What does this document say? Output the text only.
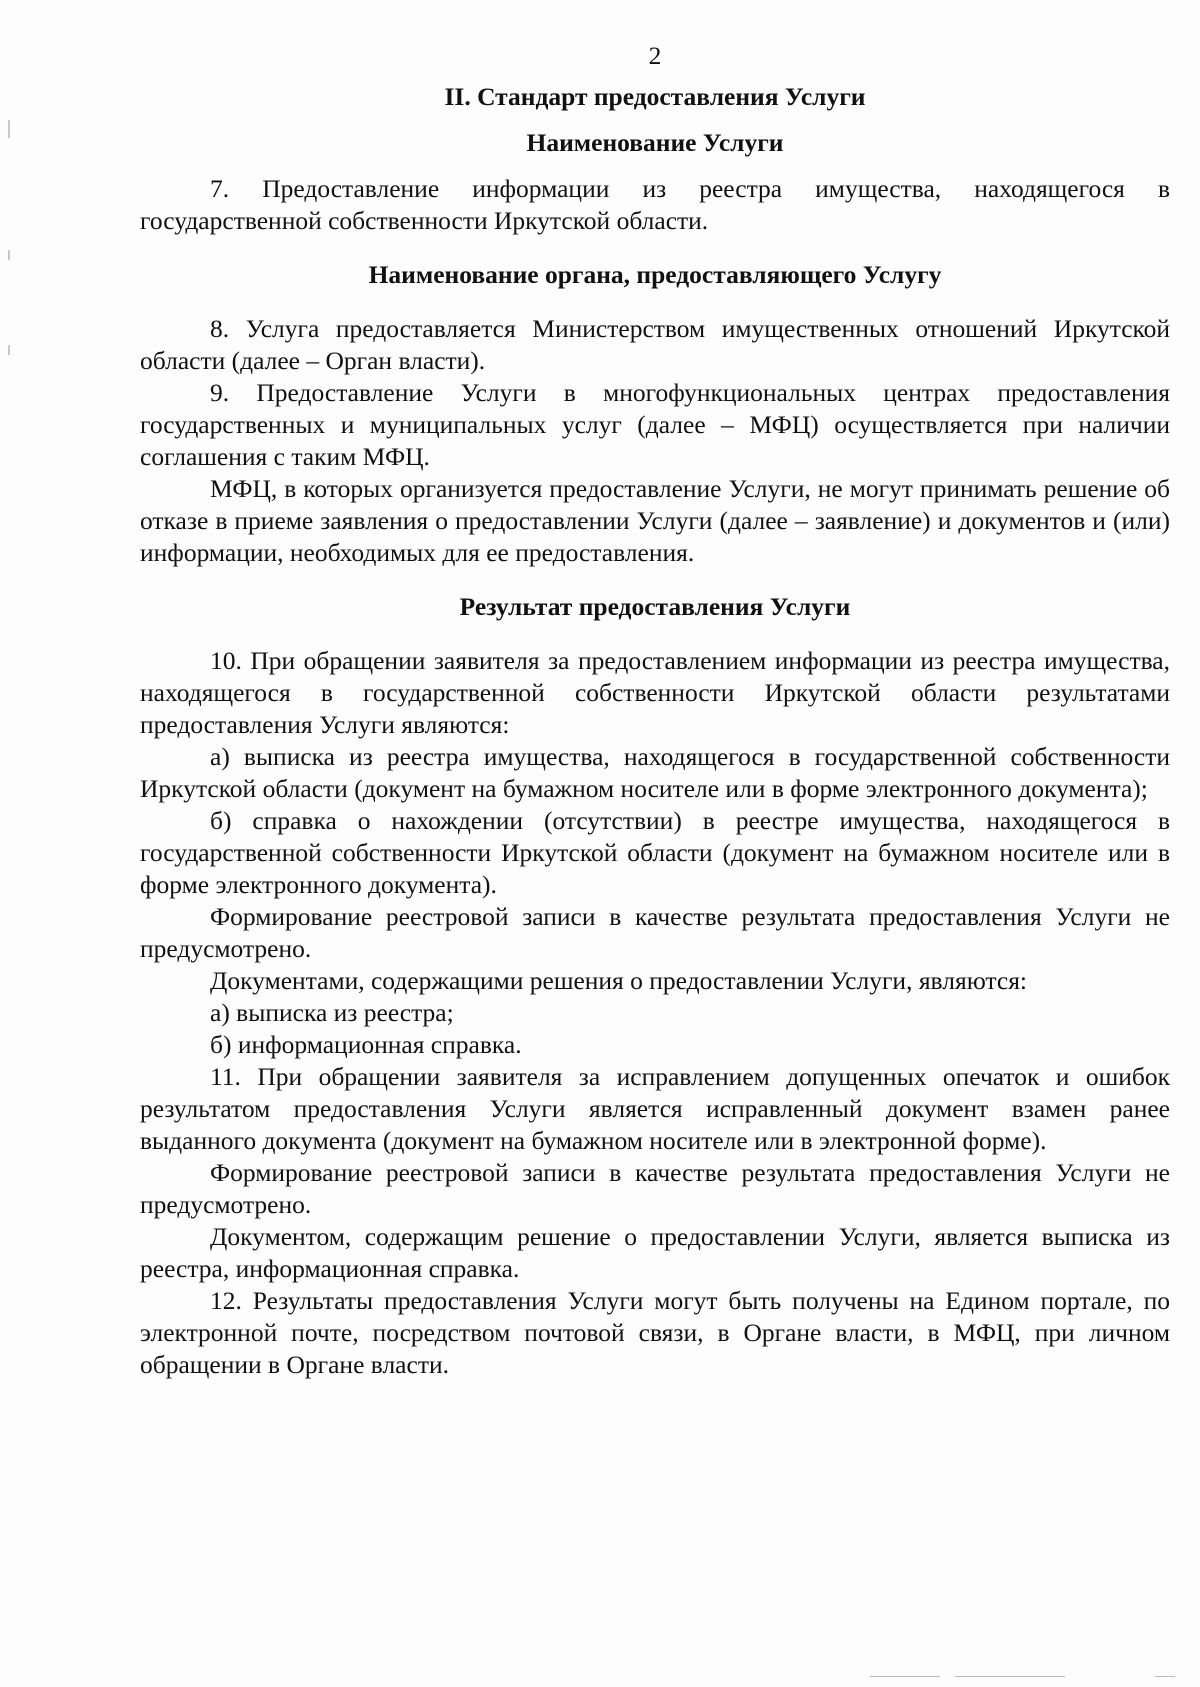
2
II. Стандарт предоставления Услуги
Наименование Услуги

7. Предоставление информации из реестра имущества, находящегося в государственной собственности Иркутской области.

Наименование органа, предоставляющего Услугу

8. Услуга предоставляется Министерством имущественных отношений Иркутской области (далее – Орган власти).

9. Предоставление Услуги в многофункциональных центрах предоставления государственных и муниципальных услуг (далее – МФЦ) осуществляется при наличии соглашения с таким МФЦ.

МФЦ, в которых организуется предоставление Услуги, не могут принимать решение об отказе в приеме заявления о предоставлении Услуги (далее – заявление) и документов и (или) информации, необходимых для ее предоставления.

Результат предоставления Услуги

10. При обращении заявителя за предоставлением информации из реестра имущества, находящегося в государственной собственности Иркутской области результатами предоставления Услуги являются:

а) выписка из реестра имущества, находящегося в государственной собственности Иркутской области (документ на бумажном носителе или в форме электронного документа);

б) справка о нахождении (отсутствии) в реестре имущества, находящегося в государственной собственности Иркутской области (документ на бумажном носителе или в форме электронного документа).

Формирование реестровой записи в качестве результата предоставления Услуги не предусмотрено.

Документами, содержащими решения о предоставлении Услуги, являются:

а) выписка из реестра;

б) информационная справка.

11. При обращении заявителя за исправлением допущенных опечаток и ошибок результатом предоставления Услуги является исправленный документ взамен ранее выданного документа (документ на бумажном носителе или в электронной форме).

Формирование реестровой записи в качестве результата предоставления Услуги не предусмотрено.

Документом, содержащим решение о предоставлении Услуги, является выписка из реестра, информационная справка.

12. Результаты предоставления Услуги могут быть получены на Едином портале, по электронной почте, посредством почтовой связи, в Органе власти, в МФЦ, при личном обращении в Органе власти.
